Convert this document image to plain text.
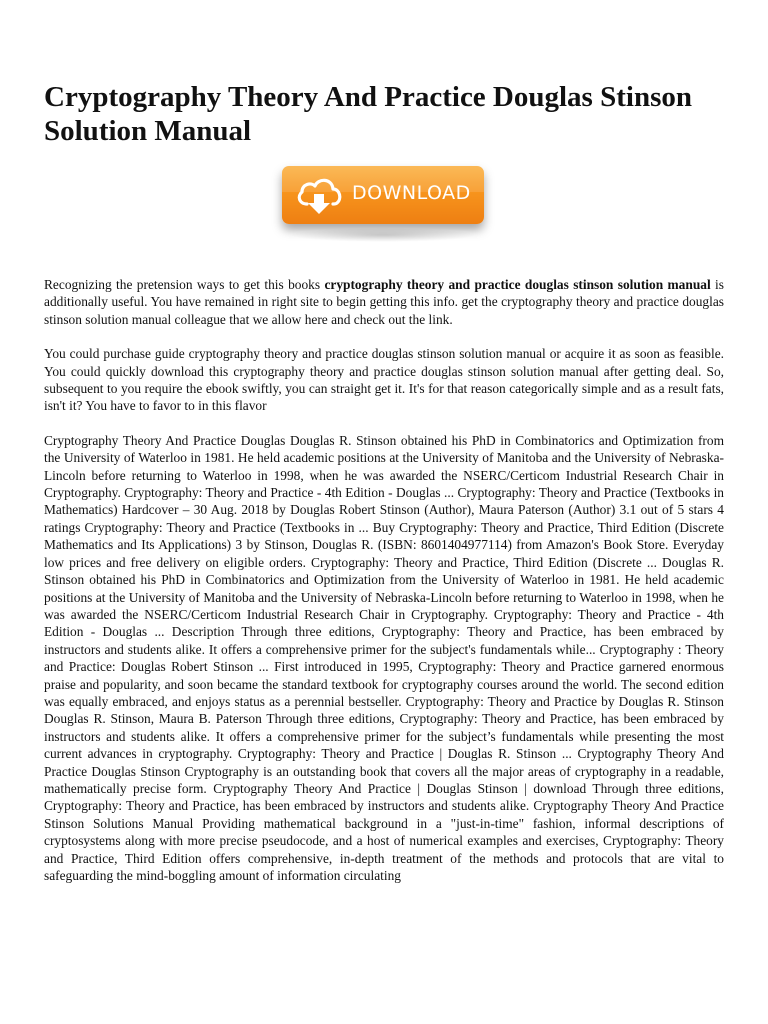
Cryptography Theory And Practice Douglas Stinson Solution Manual
DOWNLOAD

Recognizing the pretension ways to get this books cryptography theory and practice douglas stinson solution manual is additionally useful. You have remained in right site to begin getting this info. get the cryptography theory and practice douglas stinson solution manual colleague that we allow here and check out the link.

You could purchase guide cryptography theory and practice douglas stinson solution manual or acquire it as soon as feasible. You could quickly download this cryptography theory and practice douglas stinson solution manual after getting deal. So, subsequent to you require the ebook swiftly, you can straight get it. It's for that reason categorically simple and as a result fats, isn't it? You have to favor to in this flavor

Cryptography Theory And Practice Douglas Douglas R. Stinson obtained his PhD in Combinatorics and Optimization from the University of Waterloo in 1981. He held academic positions at the University of Manitoba and the University of Nebraska-Lincoln before returning to Waterloo in 1998, when he was awarded the NSERC/Certicom Industrial Research Chair in Cryptography. Cryptography: Theory and Practice - 4th Edition - Douglas ... Cryptography: Theory and Practice (Textbooks in Mathematics) Hardcover – 30 Aug. 2018 by Douglas Robert Stinson (Author), Maura Paterson (Author) 3.1 out of 5 stars 4 ratings Cryptography: Theory and Practice (Textbooks in ... Buy Cryptography: Theory and Practice, Third Edition (Discrete Mathematics and Its Applications) 3 by Stinson, Douglas R. (ISBN: 8601404977114) from Amazon's Book Store. Everyday low prices and free delivery on eligible orders. Cryptography: Theory and Practice, Third Edition (Discrete ... Douglas R. Stinson obtained his PhD in Combinatorics and Optimization from the University of Waterloo in 1981. He held academic positions at the University of Manitoba and the University of Nebraska-Lincoln before returning to Waterloo in 1998, when he was awarded the NSERC/Certicom Industrial Research Chair in Cryptography. Cryptography: Theory and Practice - 4th Edition - Douglas ... Description Through three editions, Cryptography: Theory and Practice, has been embraced by instructors and students alike. It offers a comprehensive primer for the subject's fundamentals while... Cryptography : Theory and Practice: Douglas Robert Stinson ... First introduced in 1995, Cryptography: Theory and Practice garnered enormous praise and popularity, and soon became the standard textbook for cryptography courses around the world. The second edition was equally embraced, and enjoys status as a perennial bestseller. Cryptography: Theory and Practice by Douglas R. Stinson Douglas R. Stinson, Maura B. Paterson Through three editions, Cryptography: Theory and Practice, has been embraced by instructors and students alike. It offers a comprehensive primer for the subject’s fundamentals while presenting the most current advances in cryptography. Cryptography: Theory and Practice | Douglas R. Stinson ... Cryptography Theory And Practice Douglas Stinson Cryptography is an outstanding book that covers all the major areas of cryptography in a readable, mathematically precise form. Cryptography Theory And Practice | Douglas Stinson | download Through three editions, Cryptography: Theory and Practice, has been embraced by instructors and students alike. Cryptography Theory And Practice Stinson Solutions Manual Providing mathematical background in a "just-in-time" fashion, informal descriptions of cryptosystems along with more precise pseudocode, and a host of numerical examples and exercises, Cryptography: Theory and Practice, Third Edition offers comprehensive, in-depth treatment of the methods and protocols that are vital to safeguarding the mind-boggling amount of information circulating
